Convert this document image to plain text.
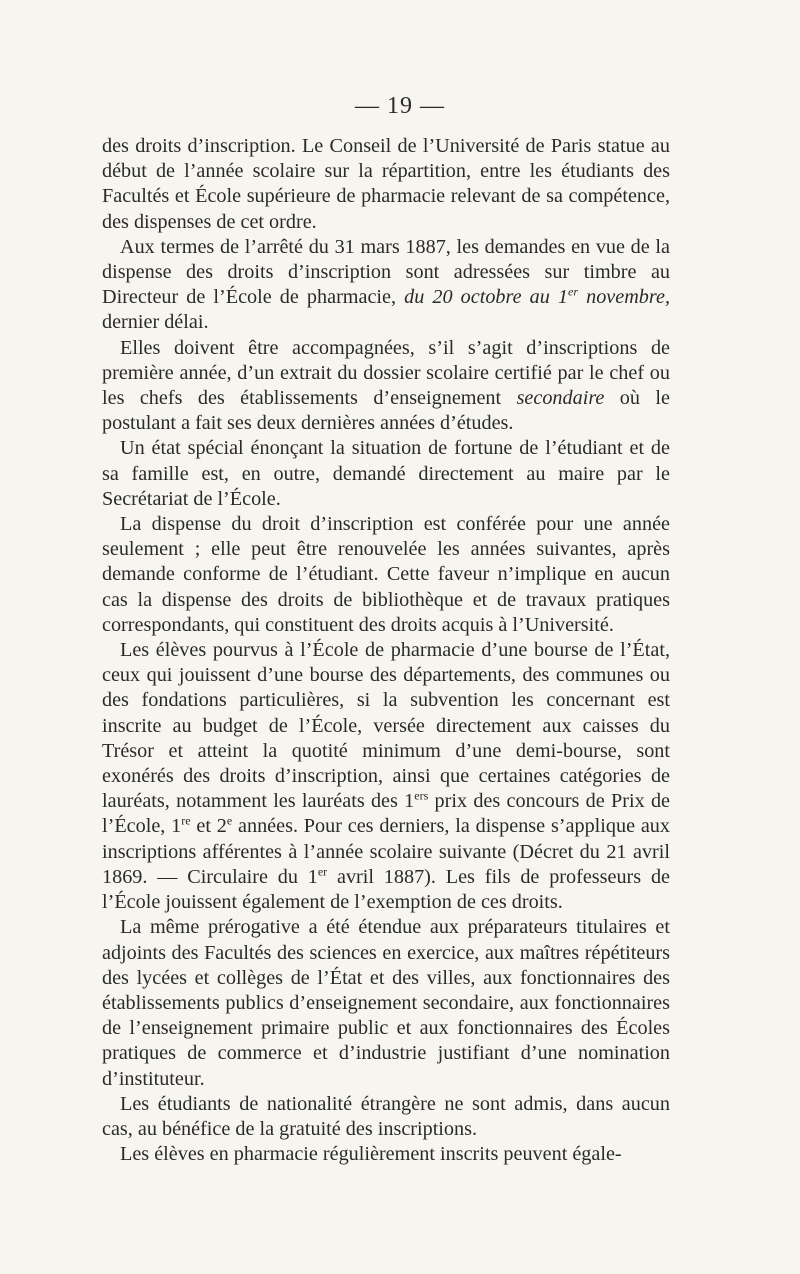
— 19 —

des droits d’inscription. Le Conseil de l’Université de Paris statue au début de l’année scolaire sur la répartition, entre les étudiants des Facultés et École supérieure de pharmacie relevant de sa compétence, des dispenses de cet ordre.

Aux termes de l’arrêté du 31 mars 1887, les demandes en vue de la dispense des droits d’inscription sont adressées sur timbre au Directeur de l’École de pharmacie, du 20 octobre au 1er novembre, dernier délai.

Elles doivent être accompagnées, s’il s’agit d’inscriptions de première année, d’un extrait du dossier scolaire certifié par le chef ou les chefs des établissements d’enseignement secondaire où le postulant a fait ses deux dernières années d’études.

Un état spécial énonçant la situation de fortune de l’étudiant et de sa famille est, en outre, demandé directement au maire par le Secrétariat de l’École.

La dispense du droit d’inscription est conférée pour une année seulement ; elle peut être renouvelée les années suivantes, après demande conforme de l’étudiant. Cette faveur n’implique en aucun cas la dispense des droits de bibliothèque et de travaux pratiques correspondants, qui constituent des droits acquis à l’Université.

Les élèves pourvus à l’École de pharmacie d’une bourse de l’État, ceux qui jouissent d’une bourse des départements, des communes ou des fondations particulières, si la subvention les concernant est inscrite au budget de l’École, versée directement aux caisses du Trésor et atteint la quotité minimum d’une demi-bourse, sont exonérés des droits d’inscription, ainsi que certaines catégories de lauréats, notamment les lauréats des 1ers prix des concours de Prix de l’École, 1re et 2e années. Pour ces derniers, la dispense s’applique aux inscriptions afférentes à l’année scolaire suivante (Décret du 21 avril 1869. — Circulaire du 1er avril 1887). Les fils de professeurs de l’École jouissent également de l’exemption de ces droits.

La même prérogative a été étendue aux préparateurs titulaires et adjoints des Facultés des sciences en exercice, aux maîtres répétiteurs des lycées et collèges de l’État et des villes, aux fonctionnaires des établissements publics d’enseignement secondaire, aux fonctionnaires de l’enseignement primaire public et aux fonctionnaires des Écoles pratiques de commerce et d’industrie justifiant d’une nomination d’instituteur.

Les étudiants de nationalité étrangère ne sont admis, dans aucun cas, au bénéfice de la gratuité des inscriptions.

Les élèves en pharmacie régulièrement inscrits peuvent égale-
